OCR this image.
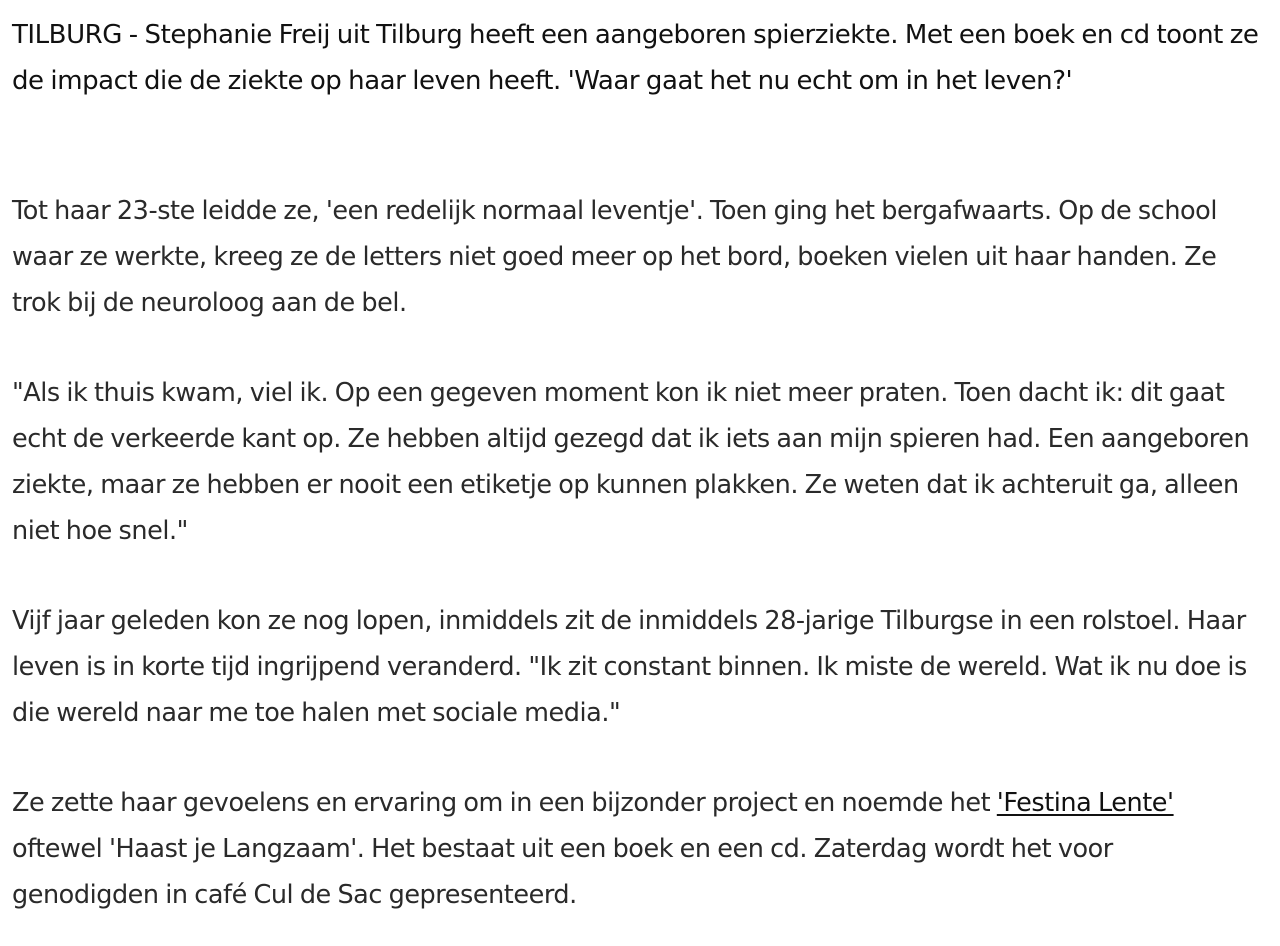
TILBURG - Stephanie Freij uit Tilburg heeft een aangeboren spierziekte. Met een boek en cd toont ze de impact die de ziekte op haar leven heeft. 'Waar gaat het nu echt om in het leven?'

Tot haar 23-ste leidde ze, 'een redelijk normaal leventje'. Toen ging het bergafwaarts. Op de school waar ze werkte, kreeg ze de letters niet goed meer op het bord, boeken vielen uit haar handen. Ze trok bij de neuroloog aan de bel.

"Als ik thuis kwam, viel ik. Op een gegeven moment kon ik niet meer praten. Toen dacht ik: dit gaat echt de verkeerde kant op. Ze hebben altijd gezegd dat ik iets aan mijn spieren had. Een aangeboren ziekte, maar ze hebben er nooit een etiketje op kunnen plakken. Ze weten dat ik achteruit ga, alleen niet hoe snel."

Vijf jaar geleden kon ze nog lopen, inmiddels zit de inmiddels 28-jarige Tilburgse in een rolstoel. Haar leven is in korte tijd ingrijpend veranderd. "Ik zit constant binnen. Ik miste de wereld. Wat ik nu doe is die wereld naar me toe halen met sociale media."

Ze zette haar gevoelens en ervaring om in een bijzonder project en noemde het 'Festina Lente' oftewel 'Haast je Langzaam'. Het bestaat uit een boek en een cd. Zaterdag wordt het voor genodigden in café Cul de Sac gepresenteerd.
